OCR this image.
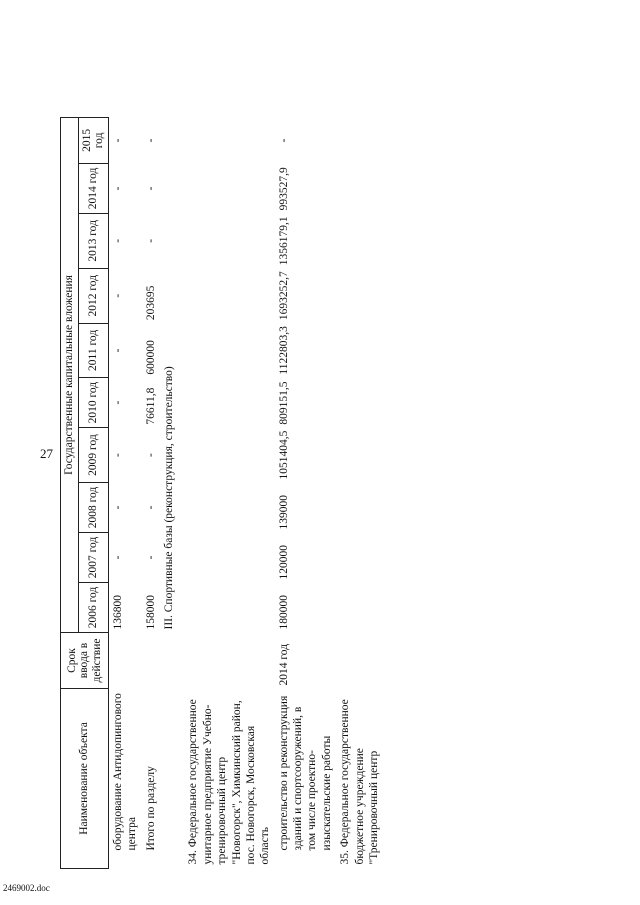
27
2469002.doc
Наименование объекта	Срок ввода в действие	Государственные капитальные вложения									
		2006 год	2007 год	2008 год	2009 год	2010 год	2011 год	2012 год	2013 год	2014 год	2015 год
оборудование Антидопингового центра		136800	-	-	-	-	-	-	-	-	-
Итого по разделу		158000	-	-	-	76611,8	600000	203695	-	-	-
		III. Спортивные базы (реконструкция, строительство)									
34. Федеральное государственное унитарное предприятие Учебно-тренировочный центр "Новогорск", Химкинский район, пос. Новогорск, Московская область											
строительство и реконструкция зданий и спортсооружений, в том числе проектно-изыскательские работы	2014 год	180000	120000	139000	1051404,5	809151,5	1122803,3	1693252,7	1356179,1	993527,9	-
35. Федеральное государственное бюджетное учреждение "Тренировочный центр											
